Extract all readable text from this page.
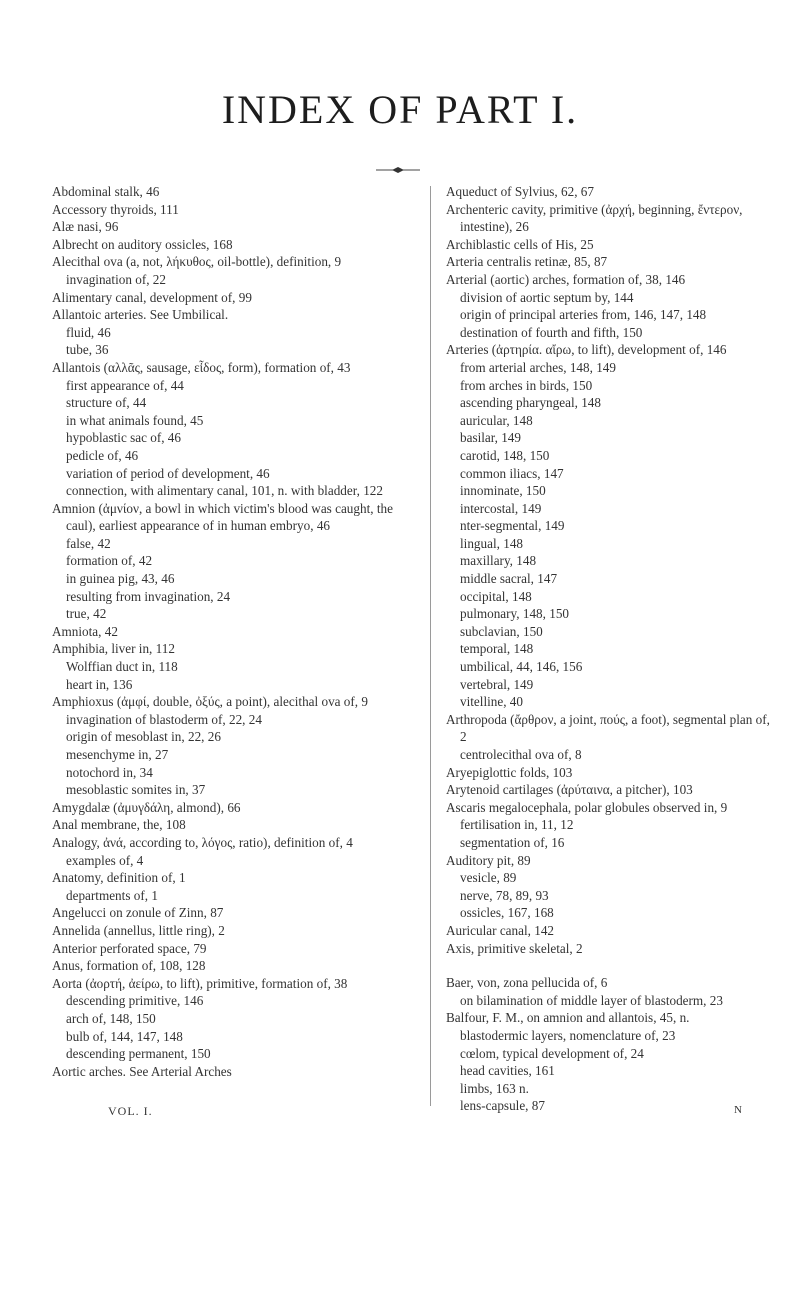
INDEX OF PART I.
Abdominal stalk, 46
Accessory thyroids, 111
Alæ nasi, 96
Albrecht on auditory ossicles, 168
Alecithal ova (a, not, λήκυθος, oil-bottle), definition, 9
invagination of, 22
Alimentary canal, development of, 99
Allantoic arteries. See Umbilical.
fluid, 46
tube, 36
Allantois (αλλᾶς, sausage, εἶδος, form), formation of, 43
first appearance of, 44
structure of, 44
in what animals found, 45
hypoblastic sac of, 46
pedicle of, 46
variation of period of development, 46
connection, with alimentary canal, 101, n. with bladder, 122
Amnion (ἀμνίον, a bowl in which victim's blood was caught, the caul), earliest appearance of in human embryo, 46
false, 42
formation of, 42
in guinea pig, 43, 46
resulting from invagination, 24
true, 42
Amniota, 42
Amphibia, liver in, 112
Wolffian duct in, 118
heart in, 136
Amphioxus (ἀμφί, double, ὀξύς, a point), alecithal ova of, 9
invagination of blastoderm of, 22, 24
origin of mesoblast in, 22, 26
mesenchyme in, 27
notochord in, 34
mesoblastic somites in, 37
Amygdalæ (ἀμυγδάλη, almond), 66
Anal membrane, the, 108
Analogy, ἀνά, according to, λόγος, ratio), definition of, 4
examples of, 4
Anatomy, definition of, 1
departments of, 1
Angelucci on zonule of Zinn, 87
Annelida (annellus, little ring), 2
Anterior perforated space, 79
Anus, formation of, 108, 128
Aorta (ἀορτή, ἀείρω, to lift), primitive, formation of, 38
descending primitive, 146
arch of, 148, 150
bulb of, 144, 147, 148
descending permanent, 150
Aortic arches. See Arterial Arches
Aqueduct of Sylvius, 62, 67
Archenteric cavity, primitive (ἀρχή, beginning, ἔντερον, intestine), 26
Archiblastic cells of His, 25
Arteria centralis retinæ, 85, 87
Arterial (aortic) arches, formation of, 38, 146
division of aortic septum by, 144
origin of principal arteries from, 146, 147, 148
destination of fourth and fifth, 150
Arteries (ἀρτηρία. αἴρω, to lift), development of, 146
from arterial arches, 148, 149
from arches in birds, 150
ascending pharyngeal, 148
auricular, 148
basilar, 149
carotid, 148, 150
common iliacs, 147
innominate, 150
intercostal, 149
nter-segmental, 149
lingual, 148
maxillary, 148
middle sacral, 147
occipital, 148
pulmonary, 148, 150
subclavian, 150
temporal, 148
umbilical, 44, 146, 156
vertebral, 149
vitelline, 40
Arthropoda (ἄρθρον, a joint, πούς, a foot), segmental plan of, 2
centrolecithal ova of, 8
Aryepiglottic folds, 103
Arytenoid cartilages (ἀρύταινα, a pitcher), 103
Ascaris megalocephala, polar globules observed in, 9
fertilisation in, 11, 12
segmentation of, 16
Auditory pit, 89
vesicle, 89
nerve, 78, 89, 93
ossicles, 167, 168
Auricular canal, 142
Axis, primitive skeletal, 2
Baer, von, zona pellucida of, 6
on bilamination of middle layer of blastoderm, 23
Balfour, F. M., on amnion and allantois, 45, n.
blastodermic layers, nomenclature of, 23
cœlom, typical development of, 24
head cavities, 161
limbs, 163 n.
lens-capsule, 87
VOL. I.	N
